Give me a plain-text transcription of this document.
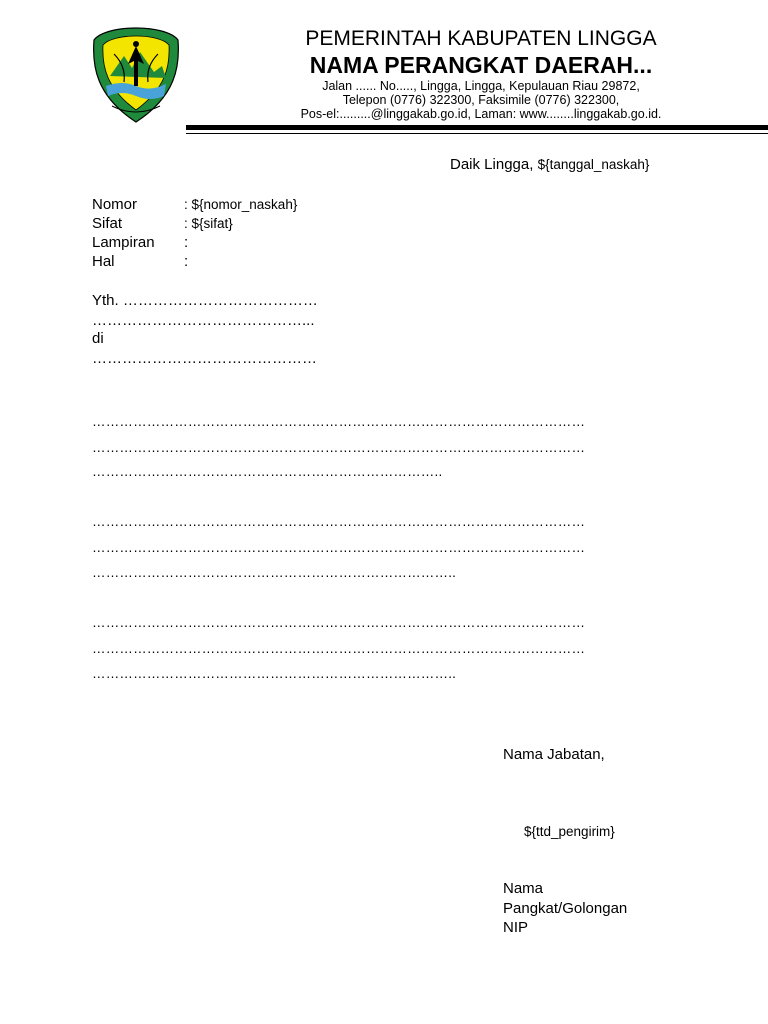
PEMERINTAH KABUPATEN LINGGA
NAMA PERANGKAT DAERAH...
Jalan ...... No....., Lingga, Lingga, Kepulauan Riau 29872,
Telepon (0776) 322300, Faksimile (0776) 322300,
Pos-el:.........@linggakab.go.id, Laman: www........linggakab.go.id.
Daik Lingga, ${tanggal_naskah}
Nomor	: ${nomor_naskah}
Sifat	: ${sifat}
Lampiran :
Hal	:
Yth. …………………………………
……………………………………...
di
………………………………………
………………………………………………………………………………………………
………………………………………………………………………………………………
…………………………………………………………………..
………………………………………………………………………………………………
………………………………………………………………………………………………
……………………………………………………………………..
………………………………………………………………………………………………
………………………………………………………………………………………………
……………………………………………………………………..
Nama Jabatan,
${ttd_pengirim}
Nama
Pangkat/Golongan
NIP
